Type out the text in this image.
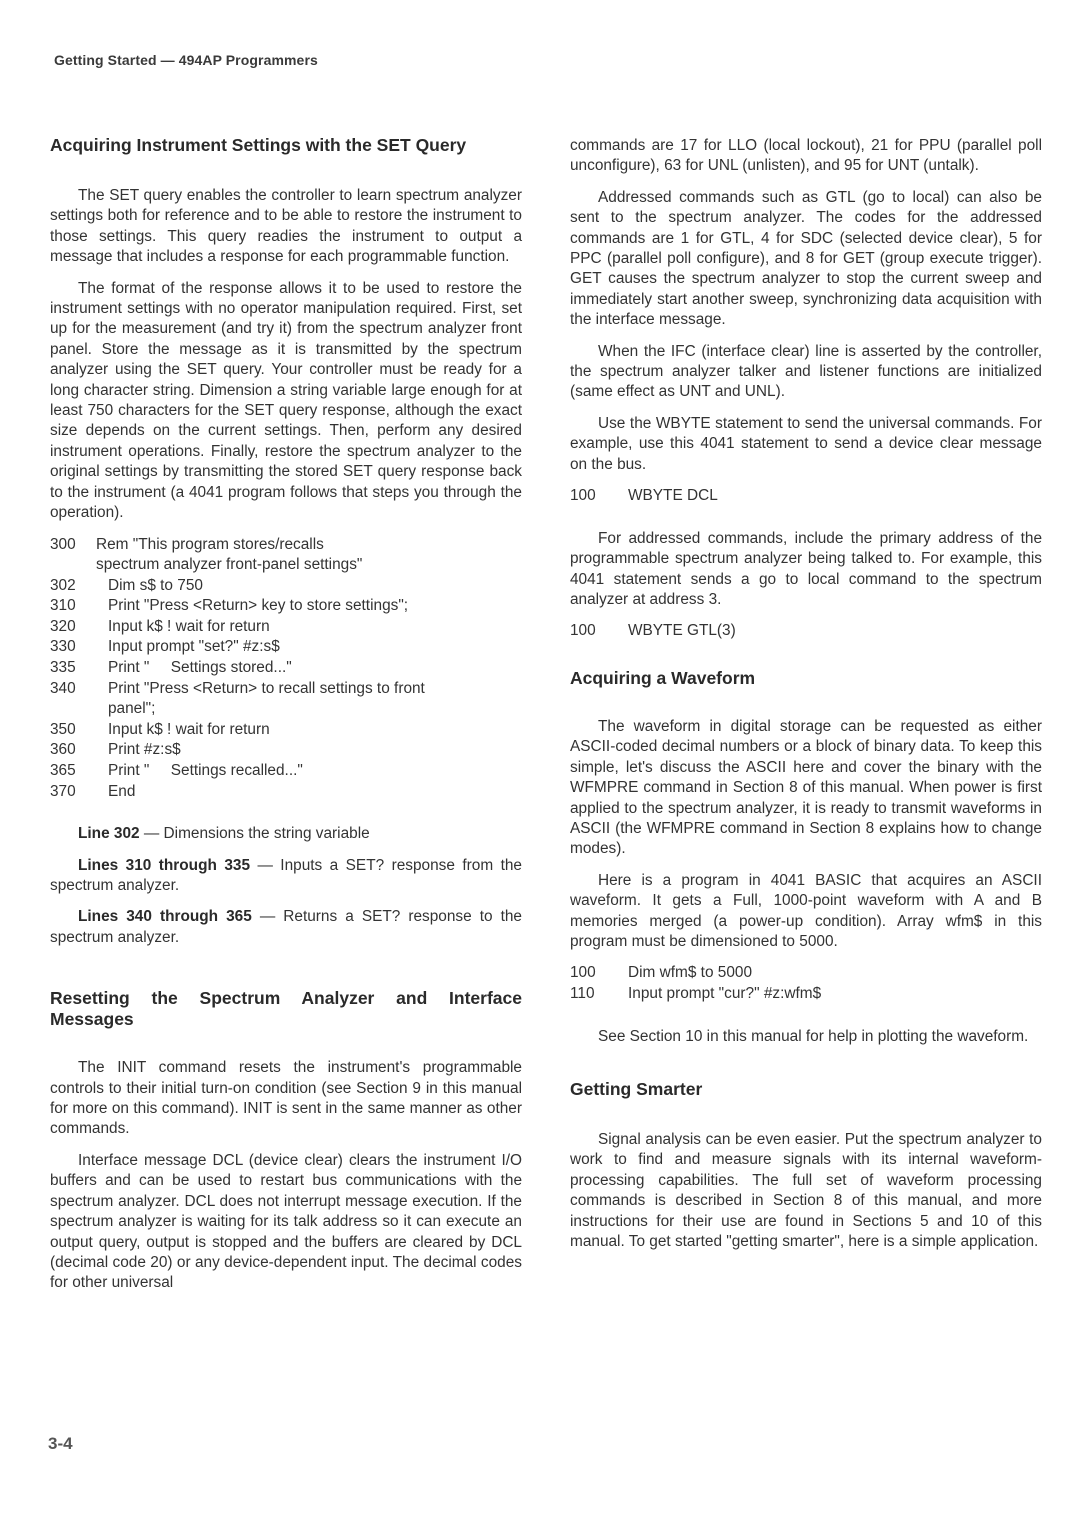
Getting Started — 494AP Programmers
Acquiring Instrument Settings with the SET Query

The SET query enables the controller to learn spectrum analyzer settings both for reference and to be able to restore the instrument to those settings. This query readies the instrument to output a message that includes a response for each programmable function.

The format of the response allows it to be used to restore the instrument settings with no operator manipulation required. First, set up for the measurement (and try it) from the spectrum analyzer front panel. Store the message as it is transmitted by the spectrum analyzer using the SET query. Your controller must be ready for a long character string. Dimension a string variable large enough for at least 750 characters for the SET query response, although the exact size depends on the current settings. Then, perform any desired instrument operations. Finally, restore the spectrum analyzer to the original settings by transmitting the stored SET query response back to the instrument (a 4041 program follows that steps you through the operation).

300	Rem "This program stores/recalls
spectrum analyzer front-panel settings"
302	Dim s$ to 750
310	Print "Press <Return> key to store settings";
320	Input k$ ! wait for return
330	Input prompt "set?" #z:s$
335	Print "     Settings stored..."
340	Print "Press <Return> to recall settings to front
panel";
350	Input k$ ! wait for return
360	Print #z:s$
365	Print "     Settings recalled..."
370	End

Line 302 — Dimensions the string variable

Lines 310 through 335 — Inputs a SET? response from the spectrum analyzer.

Lines 340 through 365 — Returns a SET? response to the spectrum analyzer.

Resetting the Spectrum Analyzer and Interface Messages

The INIT command resets the instrument's programmable controls to their initial turn-on condition (see Section 9 in this manual for more on this command). INIT is sent in the same manner as other commands.

Interface message DCL (device clear) clears the instrument I/O buffers and can be used to restart bus communications with the spectrum analyzer. DCL does not interrupt message execution. If the spectrum analyzer is waiting for its talk address so it can execute an output query, output is stopped and the buffers are cleared by DCL (decimal code 20) or any device-dependent input. The decimal codes for other universal

commands are 17 for LLO (local lockout), 21 for PPU (parallel poll unconfigure), 63 for UNL (unlisten), and 95 for UNT (untalk).

Addressed commands such as GTL (go to local) can also be sent to the spectrum analyzer. The codes for the addressed commands are 1 for GTL, 4 for SDC (selected device clear), 5 for PPC (parallel poll configure), and 8 for GET (group execute trigger). GET causes the spectrum analyzer to stop the current sweep and immediately start another sweep, synchronizing data acquisition with the interface message.

When the IFC (interface clear) line is asserted by the controller, the spectrum analyzer talker and listener functions are initialized (same effect as UNT and UNL).

Use the WBYTE statement to send the universal commands. For example, use this 4041 statement to send a device clear message on the bus.

100	WBYTE DCL

For addressed commands, include the primary address of the programmable spectrum analyzer being talked to. For example, this 4041 statement sends a go to local command to the spectrum analyzer at address 3.

100	WBYTE GTL(3)
Acquiring a Waveform

The waveform in digital storage can be requested as either ASCII-coded decimal numbers or a block of binary data. To keep this simple, let's discuss the ASCII here and cover the binary with the WFMPRE command in Section 8 of this manual. When power is first applied to the spectrum analyzer, it is ready to transmit waveforms in ASCII (the WFMPRE command in Section 8 explains how to change modes).

Here is a program in 4041 BASIC that acquires an ASCII waveform. It gets a Full, 1000-point waveform with A and B memories merged (a power-up condition). Array wfm$ in this program must be dimensioned to 5000.

100	Dim wfm$ to 5000
110	Input prompt "cur?" #z:wfm$

See Section 10 in this manual for help in plotting the waveform.

Getting Smarter

Signal analysis can be even easier. Put the spectrum analyzer to work to find and measure signals with its internal waveform-processing capabilities. The full set of waveform processing commands is described in Section 8 of this manual, and more instructions for their use are found in Sections 5 and 10 of this manual. To get started "getting smarter", here is a simple application.

3-4
